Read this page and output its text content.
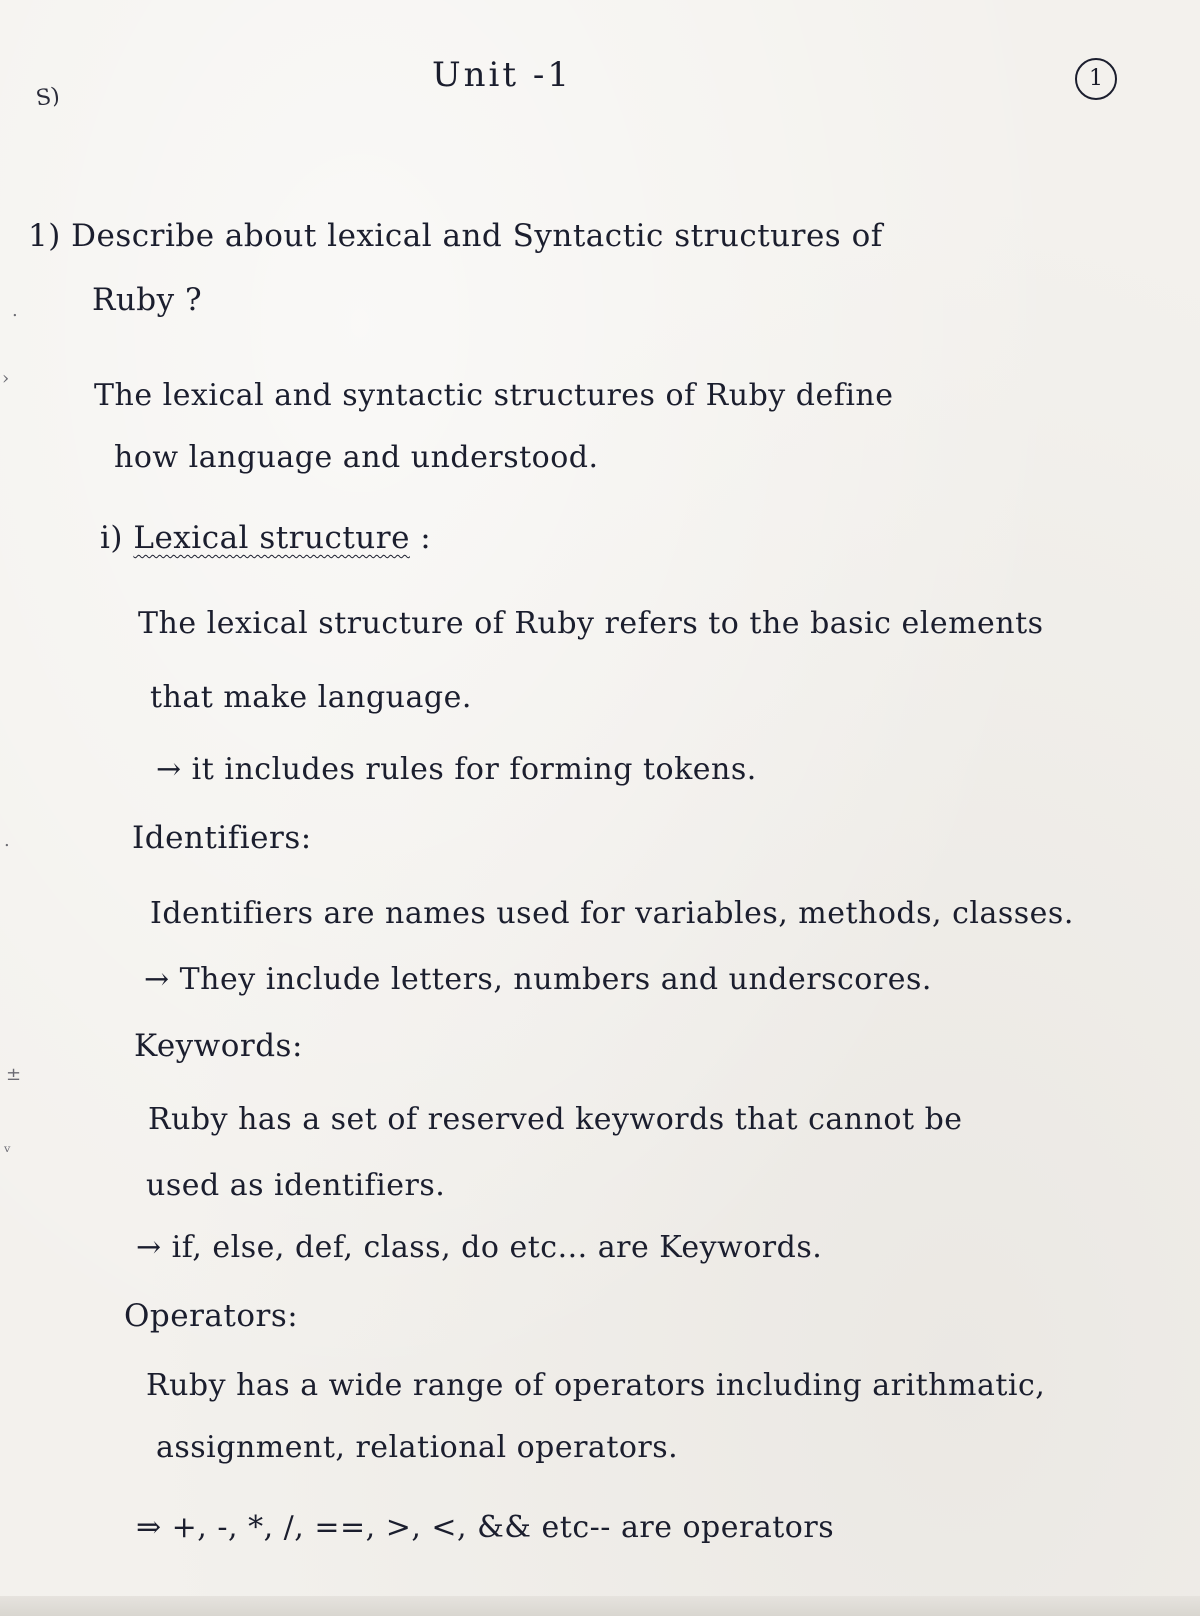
S)
Unit -1	1
1) Describe about lexical and Syntactic structures of
Ruby ?
.
›	The lexical and syntactic structures of Ruby define
how language and understood.
i) Lexical structure :
The lexical structure of Ruby refers to the basic elements
that make language.
→ it includes rules for forming tokens.
.	Identifiers:
Identifiers are names used for variables, methods, classes.
→ They include letters, numbers and underscores.
Keywords:
±
ᵥ
Ruby has a set of reserved keywords that cannot be
used as identifiers.
→ if, else, def, class, do etc... are Keywords.
Operators:
Ruby has a wide range of operators including arithmatic,
assignment, relational operators.
⇒ +, -, *, /, ==, >, <, && etc-- are operators
